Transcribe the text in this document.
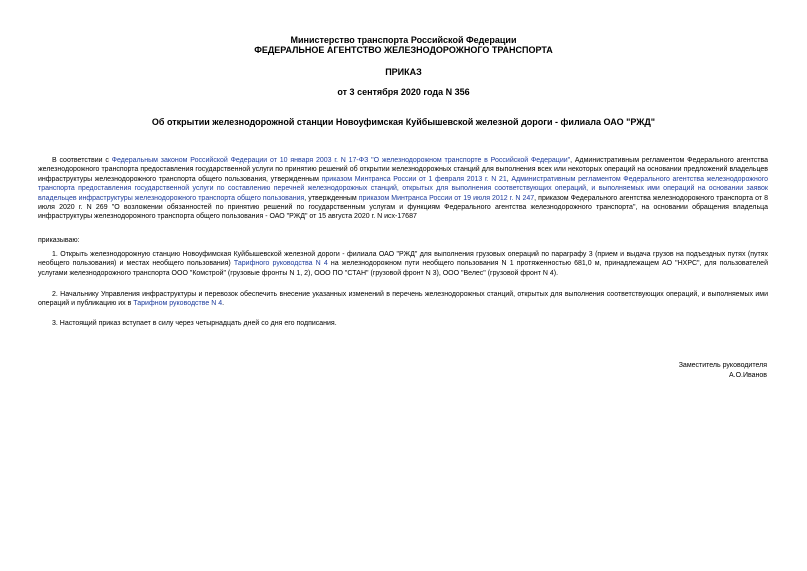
Министерство транспорта Российской Федерации
ФЕДЕРАЛЬНОЕ АГЕНТСТВО ЖЕЛЕЗНОДОРОЖНОГО ТРАНСПОРТА
ПРИКАЗ
от 3 сентября 2020 года N 356
Об открытии железнодорожной станции Новоуфимская Куйбышевской железной дороги - филиала ОАО "РЖД"
В соответствии с Федеральным законом Российской Федерации от 10 января 2003 г. N 17-ФЗ "О железнодорожном транспорте в Российской Федерации", Административным регламентом Федерального агентства железнодорожного транспорта предоставления государственной услуги по принятию решений об открытии железнодорожных станций для выполнения всех или некоторых операций на основании предложений владельцев инфраструктуры железнодорожного транспорта общего пользования, утвержденным приказом Минтранса России от 1 февраля 2013 г. N 21, Административным регламентом Федерального агентства железнодорожного транспорта предоставления государственной услуги по составлению перечней железнодорожных станций, открытых для выполнения соответствующих операций, и выполняемых ими операций на основании заявок владельцев инфраструктуры железнодорожного транспорта общего пользования, утвержденным приказом Минтранса России от 19 июля 2012 г. N 247, приказом Федерального агентства железнодорожного транспорта от 8 июля 2020 г. N 269 "О возложении обязанностей по принятию решений по государственным услугам и функциям Федерального агентства железнодорожного транспорта", на основании обращения владельца инфраструктуры железнодорожного транспорта общего пользования - ОАО "РЖД" от 15 августа 2020 г. N исх-17687
приказываю:
1. Открыть железнодорожную станцию Новоуфимская Куйбышевской железной дороги - филиала ОАО "РЖД" для выполнения грузовых операций по параграфу 3 (прием и выдача грузов на подъездных путях (путях необщего пользования) и местах необщего пользования) Тарифного руководства N 4 на железнодорожном пути необщего пользования N 1 протяженностью 681,0 м, принадлежащем АО "НХРС", для пользователей услугами железнодорожного транспорта ООО "Комстрой" (грузовые фронты N 1, 2), ООО ПО "СТАН" (грузовой фронт N 3), ООО "Велес" (грузовой фронт N 4).
2. Начальнику Управления инфраструктуры и перевозок обеспечить внесение указанных изменений в перечень железнодорожных станций, открытых для выполнения соответствующих операций, и выполняемых ими операций и публикацию их в Тарифном руководстве N 4.
3. Настоящий приказ вступает в силу через четырнадцать дней со дня его подписания.
Заместитель руководителя
А.О.Иванов
